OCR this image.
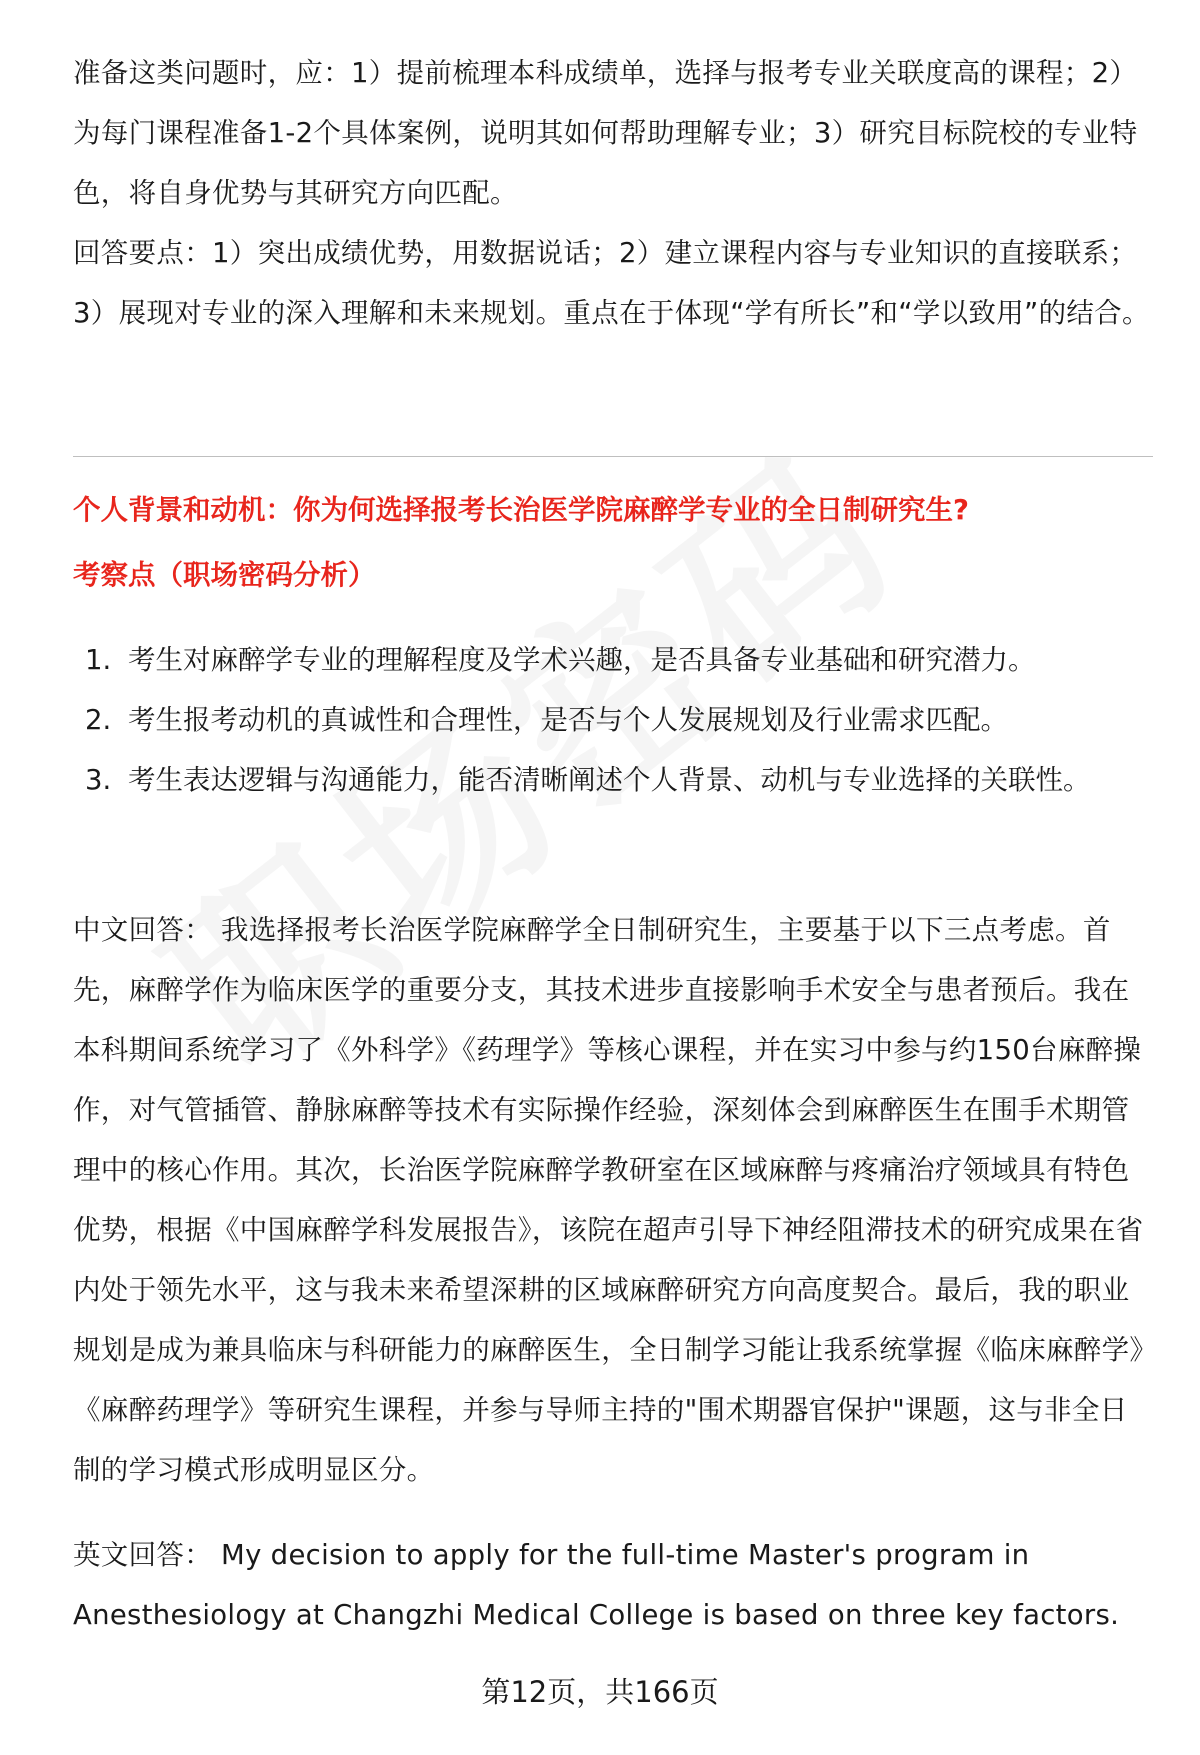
准备这类问题时，应：1）提前梳理本科成绩单，选择与报考专业关联度高的课程；2）为每门课程准备1-2个具体案例，说明其如何帮助理解专业；3）研究目标院校的专业特色，将自身优势与其研究方向匹配。

回答要点：1）突出成绩优势，用数据说话；2）建立课程内容与专业知识的直接联系；3）展现对专业的深入理解和未来规划。重点在于体现“学有所长”和“学以致用”的结合。

个人背景和动机：你为何选择报考长治医学院麻醉学专业的全日制研究生?
考察点（职场密码分析）
1. 考生对麻醉学专业的理解程度及学术兴趣，是否具备专业基础和研究潜力。
2. 考生报考动机的真诚性和合理性，是否与个人发展规划及行业需求匹配。
3. 考生表达逻辑与沟通能力，能否清晰阐述个人背景、动机与专业选择的关联性。

中文回答： 我选择报考长治医学院麻醉学全日制研究生，主要基于以下三点考虑。首先，麻醉学作为临床医学的重要分支，其技术进步直接影响手术安全与患者预后。我在本科期间系统学习了《外科学》《药理学》等核心课程，并在实习中参与约150台麻醉操作，对气管插管、静脉麻醉等技术有实际操作经验，深刻体会到麻醉医生在围手术期管理中的核心作用。其次，长治医学院麻醉学教研室在区域麻醉与疼痛治疗领域具有特色优势，根据《中国麻醉学科发展报告》，该院在超声引导下神经阻滞技术的研究成果在省内处于领先水平，这与我未来希望深耕的区域麻醉研究方向高度契合。最后，我的职业规划是成为兼具临床与科研能力的麻醉医生，全日制学习能让我系统掌握《临床麻醉学》《麻醉药理学》等研究生课程，并参与导师主持的"围术期器官保护"课题，这与非全日制的学习模式形成明显区分。

英文回答： My decision to apply for the full-time Master's program in Anesthesiology at Changzhi Medical College is based on three key factors.

第12页，共166页
